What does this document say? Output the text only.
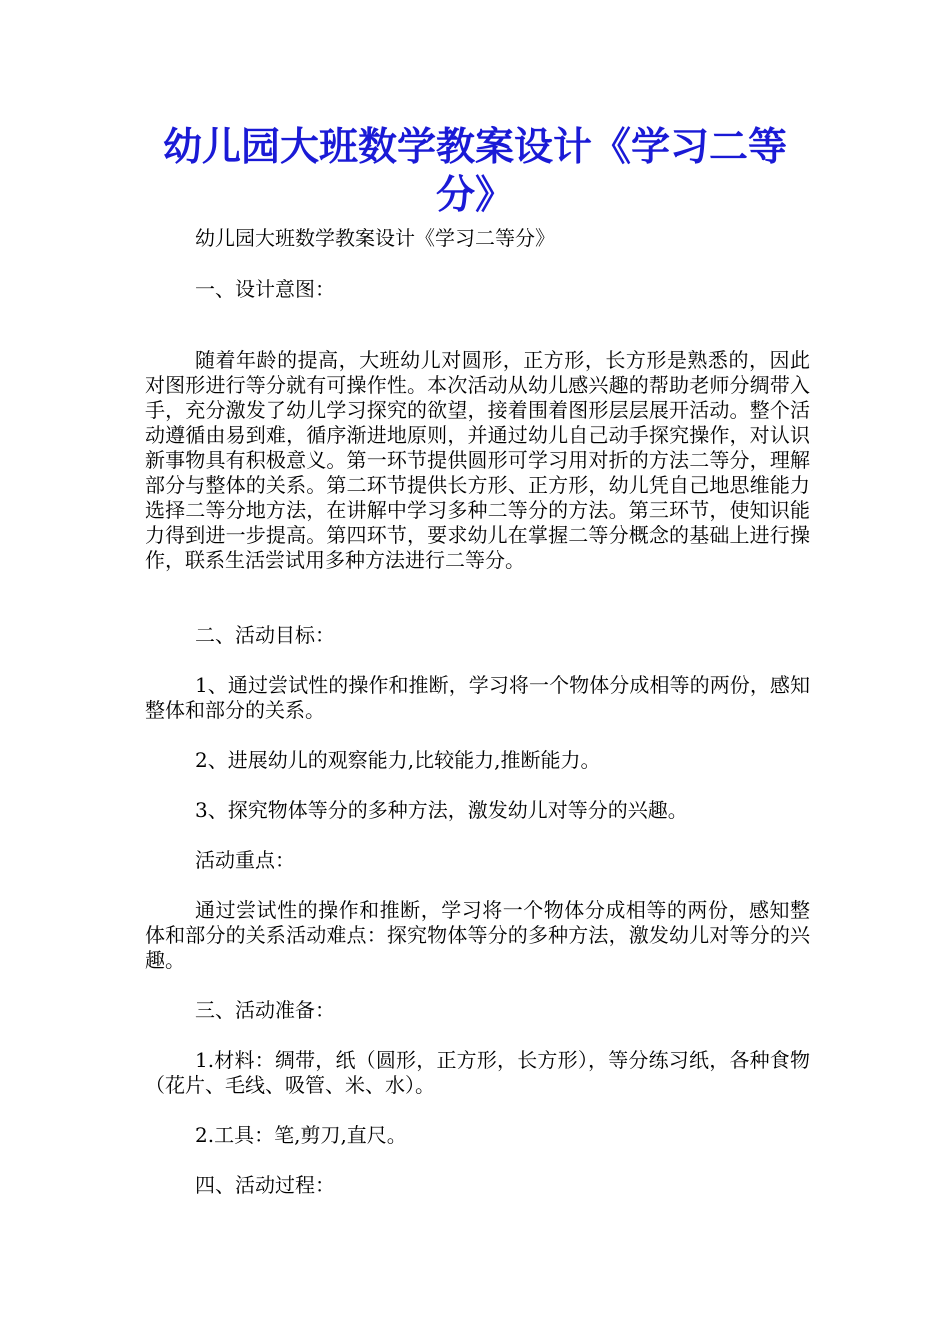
幼儿园大班数学教案设计《学习二等分》

幼儿园大班数学教案设计《学习二等分》

一、设计意图：

随着年龄的提高，大班幼儿对圆形，正方形，长方形是熟悉的，因此对图形进行等分就有可操作性。本次活动从幼儿感兴趣的帮助老师分绸带入手，充分激发了幼儿学习探究的欲望，接着围着图形层层展开活动。整个活动遵循由易到难，循序渐进地原则，并通过幼儿自己动手探究操作，对认识新事物具有积极意义。第一环节提供圆形可学习用对折的方法二等分，理解部分与整体的关系。第二环节提供长方形、正方形，幼儿凭自己地思维能力选择二等分地方法，在讲解中学习多种二等分的方法。第三环节，使知识能力得到进一步提高。第四环节，要求幼儿在掌握二等分概念的基础上进行操作，联系生活尝试用多种方法进行二等分。

二、活动目标：

1、通过尝试性的操作和推断，学习将一个物体分成相等的两份，感知整体和部分的关系。

2、进展幼儿的观察能力,比较能力,推断能力。

3、探究物体等分的多种方法，激发幼儿对等分的兴趣。

活动重点：

通过尝试性的操作和推断，学习将一个物体分成相等的两份，感知整体和部分的关系活动难点：探究物体等分的多种方法，激发幼儿对等分的兴趣。

三、活动准备：

1.材料：绸带，纸（圆形，正方形，长方形），等分练习纸，各种食物（花片、毛线、吸管、米、水）。

2.工具：笔,剪刀,直尺。

四、活动过程：
